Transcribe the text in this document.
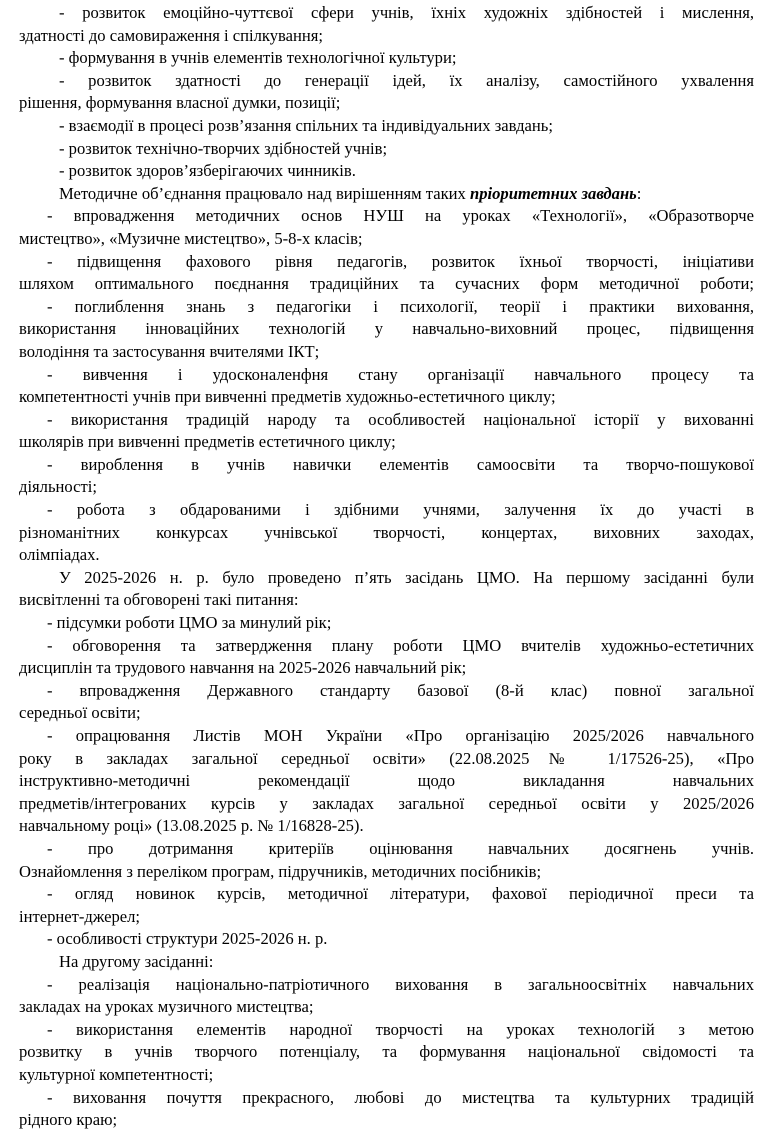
- розвиток емоційно-чуттєвої сфери учнів, їхніх художніх здібностей і мислення,
здатності до самовираження і спілкування;
- формування в учнів елементів технологічної культури;
- розвиток здатності до генерації ідей, їх аналізу, самостійного ухвалення
рішення, формування власної думки, позиції;
- взаємодії в процесі розв’язання спільних та індивідуальних завдань;
- розвиток технічно-творчих здібностей учнів;
- розвиток здоров’язберігаючих чинників.
Методичне об’єднання працювало над вирішенням таких пріоритетних завдань:
- впровадження методичних основ НУШ на уроках «Технології», «Образотворче
мистецтво», «Музичне мистецтво», 5-8-х класів;
- підвищення фахового рівня педагогів, розвиток їхньої творчості, ініціативи
шляхом оптимального поєднання традиційних та сучасних форм методичної роботи;
- поглиблення знань з педагогіки і психології, теорії і практики виховання,
використання інноваційних технологій у навчально-виховний процес, підвищення
володіння та застосування вчителями ІКТ;
- вивчення і удосконаленфня стану організації навчального процесу та
компетентності учнів при вивченні предметів художньо-естетичного циклу;
- використання традицій народу та особливостей національної історії у вихованні
школярів при вивченні предметів естетичного циклу;
- вироблення в учнів навички елементів самоосвіти та творчо-пошукової
діяльності;
- робота з обдарованими і здібними учнями, залучення їх до участі в
різноманітних конкурсах учнівської творчості, концертах, виховних заходах,
олімпіадах.
У 2025-2026 н. р. було проведено п’ять засідань ЦМО. На першому засіданні були
висвітленні та обговорені такі питання:
- підсумки роботи ЦМО за минулий рік;
- обговорення та затвердження плану роботи ЦМО вчителів художньо-естетичних
дисциплін та трудового навчання на 2025-2026 навчальний рік;
- впровадження Державного стандарту базової (8-й клас) повної загальної
середньої освіти;
- опрацювання Листів МОН України «Про організацію 2025/2026 навчального
року в закладах загальної середньої освіти» (22.08.2025№ 1/17526-25), «Про
інструктивно-методичні рекомендації щодо викладання навчальних
предметів/інтегрованих курсів у закладах загальної середньої освіти у 2025/2026
навчальному році» (13.08.2025 р. № 1/16828-25).
- про дотримання критеріїв оцінювання навчальних досягнень учнів.
Ознайомлення з переліком програм, підручників, методичних посібників;
- огляд новинок курсів, методичної літератури, фахової періодичної преси та
інтернет-джерел;
- особливості структури 2025-2026 н. р.
На другому засіданні:
- реалізація національно-патріотичного виховання в загальноосвітніх навчальних
закладах на уроках музичного мистецтва;
- використання елементів народної творчості на уроках технологій з метою
розвитку в учнів творчого потенціалу, та формування національної свідомості та
культурної компетентності;
- виховання почуття прекрасного, любові до мистецтва та культурних традицій
рідного краю;
